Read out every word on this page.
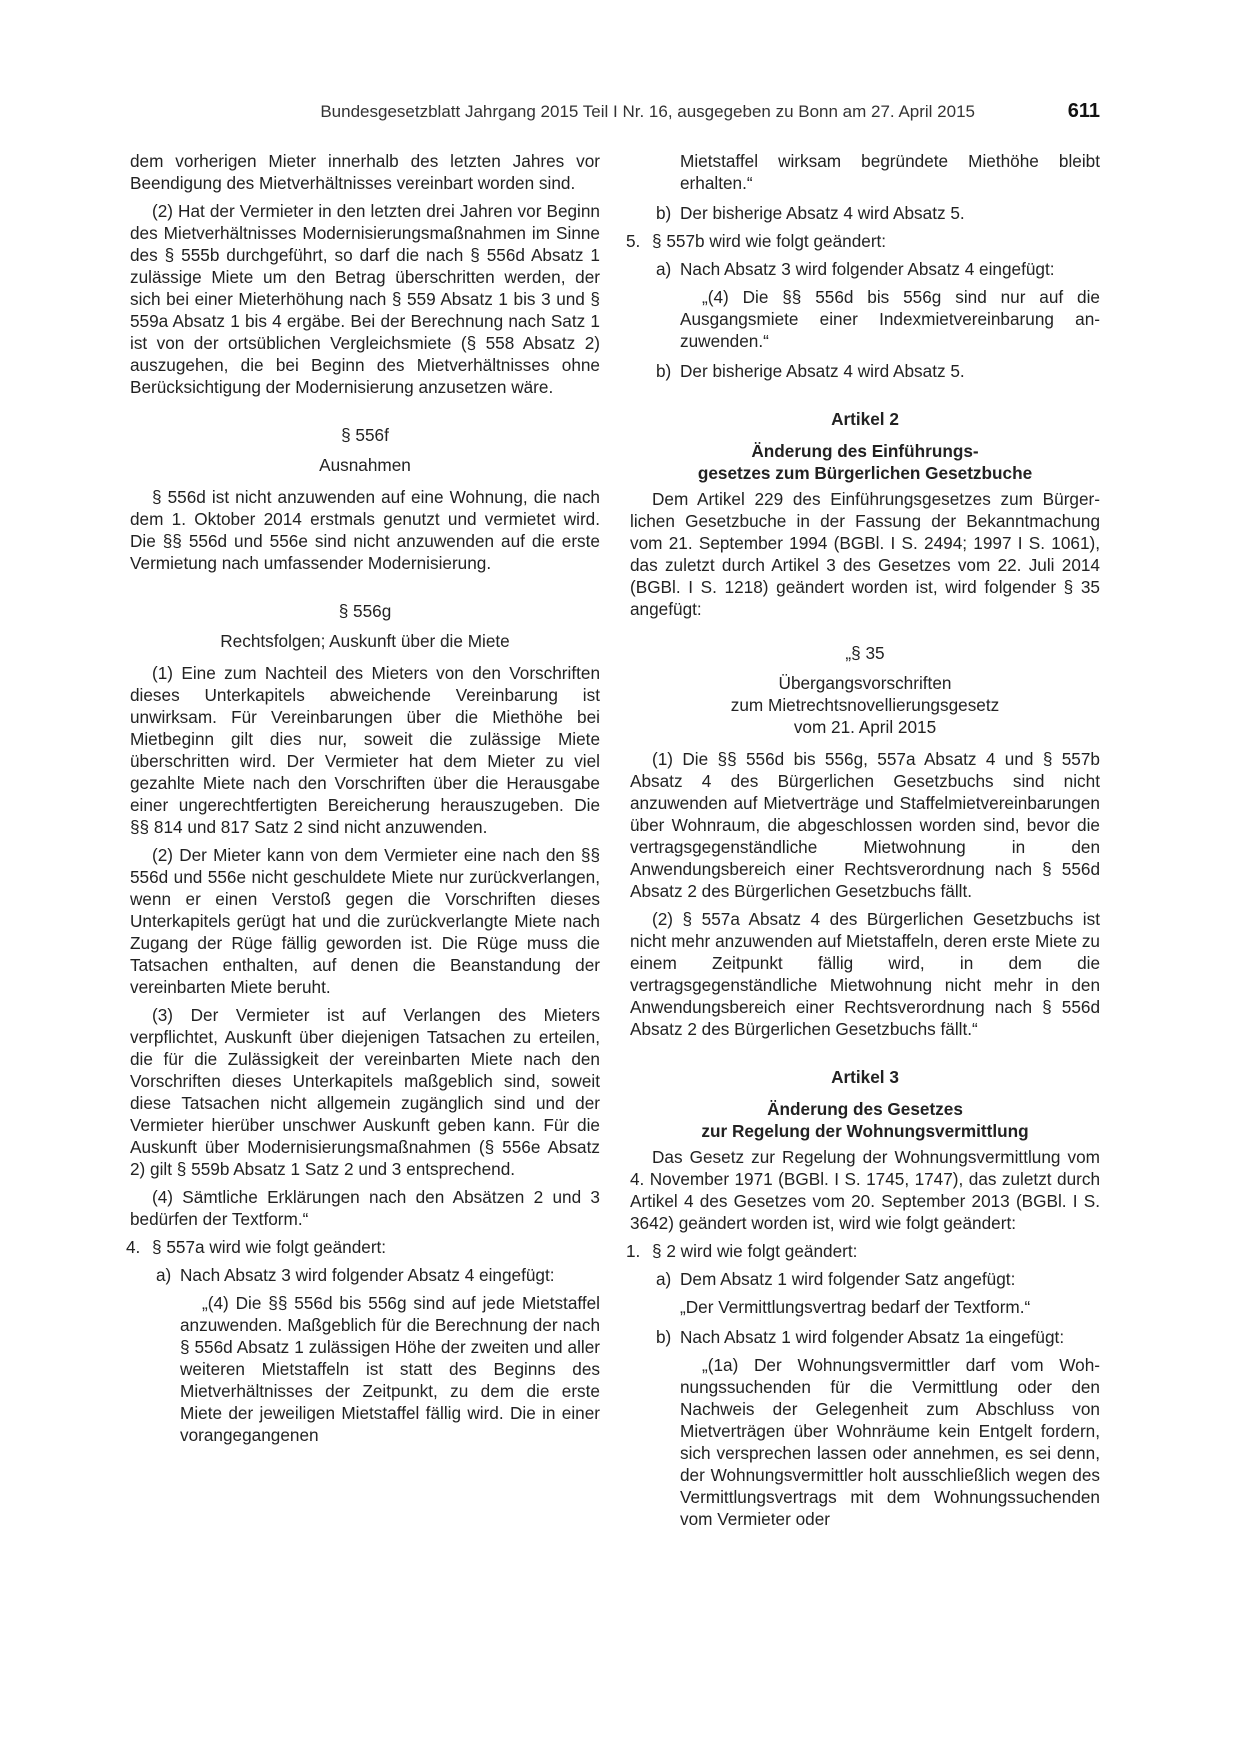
Bundesgesetzblatt Jahrgang 2015 Teil I Nr. 16, ausgegeben zu Bonn am 27. April 2015	611

dem vorherigen Mieter innerhalb des letzten Jahres vor Beendigung des Mietverhältnisses vereinbart worden sind.

(2) Hat der Vermieter in den letzten drei Jahren vor Beginn des Mietverhältnisses Modernisierungsmaßnahmen im Sinne des § 555b durchgeführt, so darf die nach § 556d Absatz 1 zulässige Miete um den Betrag überschritten werden, der sich bei einer Mieterhöhung nach § 559 Absatz 1 bis 3 und § 559a Absatz 1 bis 4 ergäbe. Bei der Berechnung nach Satz 1 ist von der ortsüblichen Vergleichsmiete (§ 558 Absatz 2) auszugehen, die bei Beginn des Mietverhältnisses ohne Berücksichtigung der Modernisierung anzusetzen wäre.

§ 556f

Ausnahmen

§ 556d ist nicht anzuwenden auf eine Wohnung, die nach dem 1. Oktober 2014 erstmals genutzt und vermietet wird. Die §§ 556d und 556e sind nicht anzuwenden auf die erste Vermietung nach umfassender Modernisierung.

§ 556g

Rechtsfolgen; Auskunft über die Miete

(1) Eine zum Nachteil des Mieters von den Vorschriften dieses Unterkapitels abweichende Vereinbarung ist unwirksam. Für Vereinbarungen über die Miethöhe bei Mietbeginn gilt dies nur, soweit die zulässige Miete überschritten wird. Der Vermieter hat dem Mieter zu viel gezahlte Miete nach den Vorschriften über die Herausgabe einer ungerechtfertigten Bereicherung herauszugeben. Die §§ 814 und 817 Satz 2 sind nicht anzuwenden.

(2) Der Mieter kann von dem Vermieter eine nach den §§ 556d und 556e nicht geschuldete Miete nur zurückverlangen, wenn er einen Verstoß gegen die Vorschriften dieses Unterkapitels gerügt hat und die zurückverlangte Miete nach Zugang der Rüge fällig geworden ist. Die Rüge muss die Tatsachen enthalten, auf denen die Beanstandung der vereinbarten Miete beruht.

(3) Der Vermieter ist auf Verlangen des Mieters verpflichtet, Auskunft über diejenigen Tatsachen zu erteilen, die für die Zulässigkeit der vereinbarten Miete nach den Vorschriften dieses Unterkapitels maßgeblich sind, soweit diese Tatsachen nicht allgemein zugänglich sind und der Vermieter hierüber unschwer Auskunft geben kann. Für die Auskunft über Modernisierungsmaßnahmen (§ 556e Absatz 2) gilt § 559b Absatz 1 Satz 2 und 3 entsprechend.

(4) Sämtliche Erklärungen nach den Absätzen 2 und 3 bedürfen der Textform.“

4. § 557a wird wie folgt geändert:
a) Nach Absatz 3 wird folgender Absatz 4 eingefügt:

„(4) Die §§ 556d bis 556g sind auf jede Mietstaffel anzuwenden. Maßgeblich für die Berechnung der nach § 556d Absatz 1 zulässigen Höhe der zweiten und aller weiteren Mietstaffeln ist statt des Beginns des Mietverhältnisses der Zeitpunkt, zu dem die erste Miete der jeweiligen Mietstaffel fällig wird. Die in einer vorangegangenen

Mietstaffel wirksam begründete Miethöhe bleibt erhalten.“

b) Der bisherige Absatz 4 wird Absatz 5.
5. § 557b wird wie folgt geändert:
a) Nach Absatz 3 wird folgender Absatz 4 eingefügt:

„(4) Die §§ 556d bis 556g sind nur auf die Ausgangsmiete einer Indexmietvereinbarung anzuwenden.“

b) Der bisherige Absatz 4 wird Absatz 5.

Artikel 2

Änderung des Einführungs-
gesetzes zum Bürgerlichen Gesetzbuche

Dem Artikel 229 des Einführungsgesetzes zum Bürgerlichen Gesetzbuche in der Fassung der Bekanntmachung vom 21. September 1994 (BGBl. I S. 2494; 1997 I S. 1061), das zuletzt durch Artikel 3 des Gesetzes vom 22. Juli 2014 (BGBl. I S. 1218) geändert worden ist, wird folgender § 35 angefügt:

„§ 35

Übergangsvorschriften

zum Mietrechtsnovellierungsgesetz

vom 21. April 2015

(1) Die §§ 556d bis 556g, 557a Absatz 4 und § 557b Absatz 4 des Bürgerlichen Gesetzbuchs sind nicht anzuwenden auf Mietverträge und Staffelmietvereinbarungen über Wohnraum, die abgeschlossen worden sind, bevor die vertragsgegenständliche Mietwohnung in den Anwendungsbereich einer Rechtsverordnung nach § 556d Absatz 2 des Bürgerlichen Gesetzbuchs fällt.

(2) § 557a Absatz 4 des Bürgerlichen Gesetzbuchs ist nicht mehr anzuwenden auf Mietstaffeln, deren erste Miete zu einem Zeitpunkt fällig wird, in dem die vertragsgegenständliche Mietwohnung nicht mehr in den Anwendungsbereich einer Rechtsverordnung nach § 556d Absatz 2 des Bürgerlichen Gesetzbuchs fällt.“

Artikel 3

Änderung des Gesetzes
zur Regelung der Wohnungsvermittlung

Das Gesetz zur Regelung der Wohnungsvermittlung vom 4. November 1971 (BGBl. I S. 1745, 1747), das zuletzt durch Artikel 4 des Gesetzes vom 20. September 2013 (BGBl. I S. 3642) geändert worden ist, wird wie folgt geändert:

1. § 2 wird wie folgt geändert:
a) Dem Absatz 1 wird folgender Satz angefügt:

„Der Vermittlungsvertrag bedarf der Textform.“

b) Nach Absatz 1 wird folgender Absatz 1a eingefügt:

„(1a) Der Wohnungsvermittler darf vom Wohnungssuchenden für die Vermittlung oder den Nachweis der Gelegenheit zum Abschluss von Mietverträgen über Wohnräume kein Entgelt fordern, sich versprechen lassen oder annehmen, es sei denn, der Wohnungsvermittler holt ausschließlich wegen des Vermittlungsvertrags mit dem Wohnungssuchenden vom Vermieter oder
